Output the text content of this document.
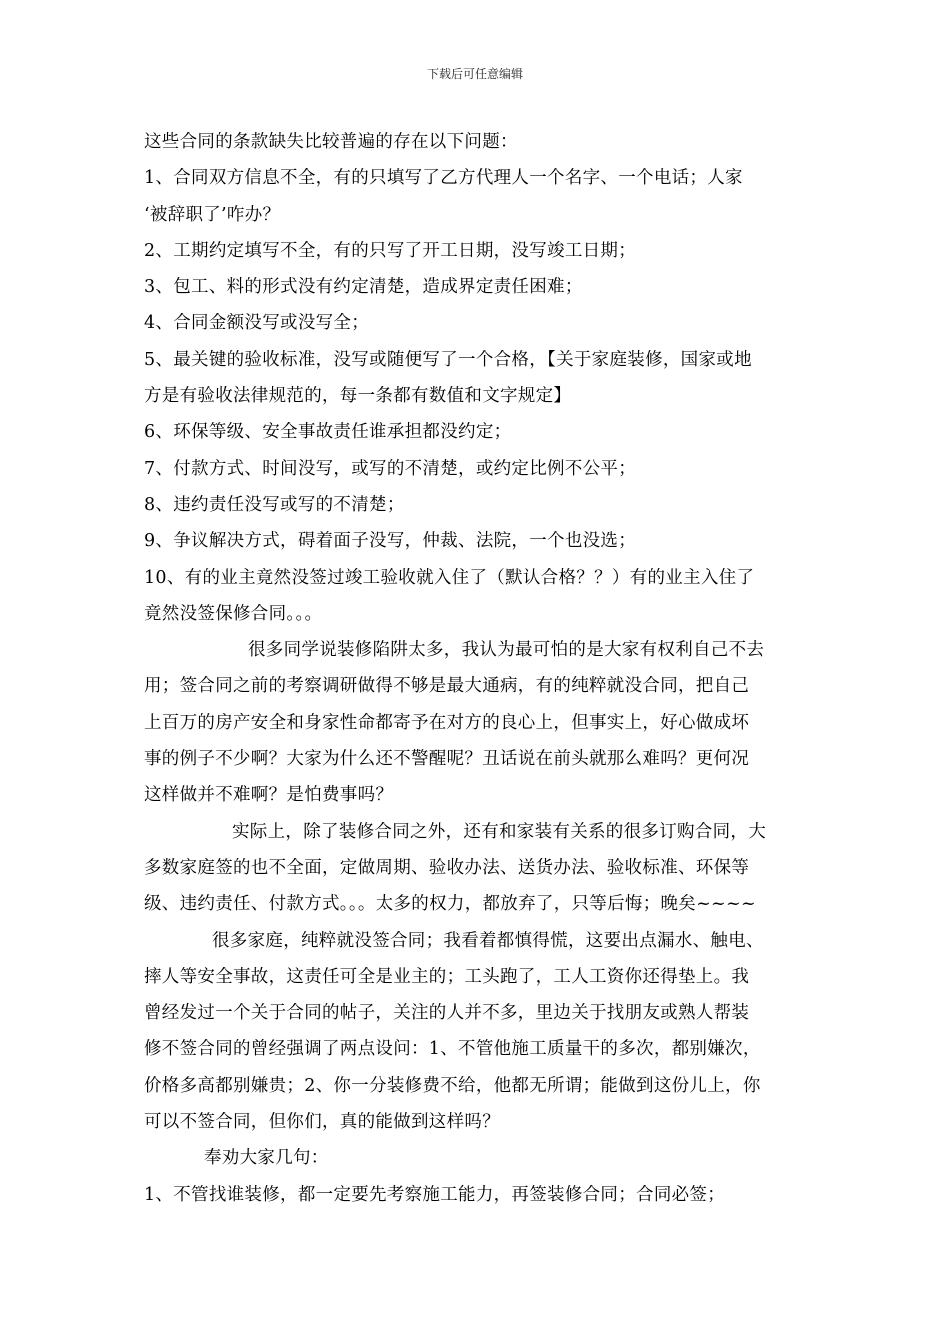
下载后可任意编辑
这些合同的条款缺失比较普遍的存在以下问题：
1、合同双方信息不全，有的只填写了乙方代理人一个名字、一个电话；人家
‘被辞职了’咋办？
2、工期约定填写不全，有的只写了开工日期，没写竣工日期；
3、包工、料的形式没有约定清楚，造成界定责任困难；
4、合同金额没写或没写全；
5、最关键的验收标准，没写或随便写了一个合格，【关于家庭装修，国家或地
方是有验收法律规范的，每一条都有数值和文字规定】
6、环保等级、安全事故责任谁承担都没约定；
7、付款方式、时间没写，或写的不清楚，或约定比例不公平；
8、违约责任没写或写的不清楚；
9、争议解决方式，碍着面子没写，仲裁、法院，一个也没选；
10、有的业主竟然没签过竣工验收就入住了（默认合格？？）有的业主入住了
竟然没签保修合同。。。
很多同学说装修陷阱太多，我认为最可怕的是大家有权利自己不去
用；签合同之前的考察调研做得不够是最大通病，有的纯粹就没合同，把自己
上百万的房产安全和身家性命都寄予在对方的良心上，但事实上，好心做成坏
事的例子不少啊？大家为什么还不警醒呢？丑话说在前头就那么难吗？更何况
这样做并不难啊？是怕费事吗？
实际上，除了装修合同之外，还有和家装有关系的很多订购合同，大
多数家庭签的也不全面，定做周期、验收办法、送货办法、验收标准、环保等
级、违约责任、付款方式。。。太多的权力，都放弃了，只等后悔；晚矣~~~~
很多家庭，纯粹就没签合同；我看着都慎得慌，这要出点漏水、触电、
摔人等安全事故，这责任可全是业主的；工头跑了，工人工资你还得垫上。我
曾经发过一个关于合同的帖子，关注的人并不多，里边关于找朋友或熟人帮装
修不签合同的曾经强调了两点设问：1、不管他施工质量干的多次，都别嫌次，
价格多高都别嫌贵；2、你一分装修费不给，他都无所谓；能做到这份儿上，你
可以不签合同，但你们，真的能做到这样吗？
奉劝大家几句：
1、不管找谁装修，都一定要先考察施工能力，再签装修合同；合同必签；
